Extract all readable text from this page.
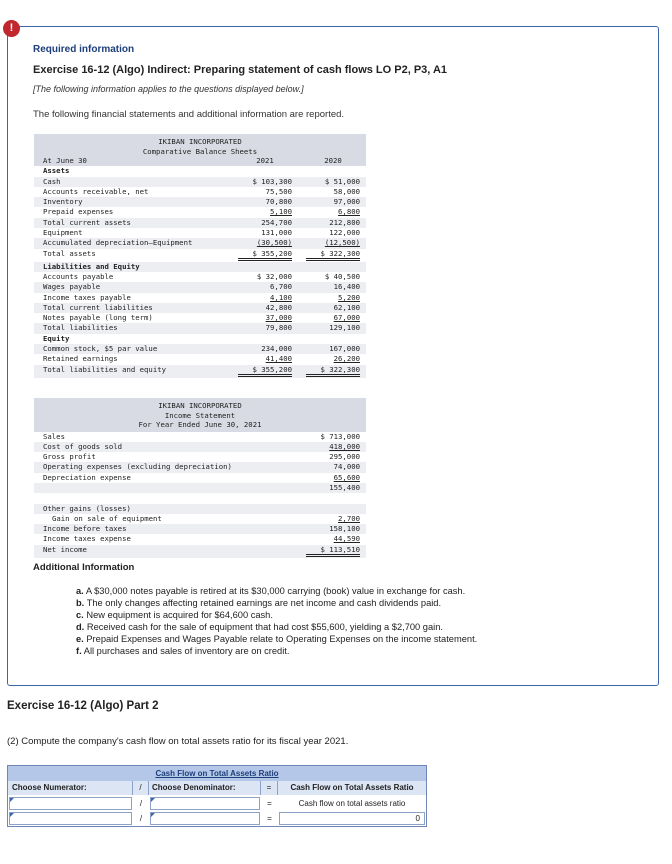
!
Required information
Exercise 16-12 (Algo) Indirect: Preparing statement of cash flows LO P2, P3, A1
[The following information applies to the questions displayed below.]
The following financial statements and additional information are reported.
IKIBAN INCORPORATED
Comparative Balance Sheets
At June 30	2021	2020
Assets
Cash	$ 103,300	$ 51,000
Accounts receivable, net	75,500	58,000
Inventory	70,800	97,000
Prepaid expenses	5,100	6,800
Total current assets	254,700	212,800
Equipment	131,000	122,000
Accumulated depreciation—Equipment	(30,500)	(12,500)
Total assets	$ 355,200	$ 322,300
Liabilities and Equity
Accounts payable	$ 32,000	$ 40,500
Wages payable	6,700	16,400
Income taxes payable	4,100	5,200
Total current liabilities	42,800	62,100
Notes payable (long term)	37,000	67,000
Total liabilities	79,800	129,100
Equity
Common stock, $5 par value	234,000	167,000
Retained earnings	41,400	26,200
Total liabilities and equity	$ 355,200	$ 322,300
IKIBAN INCORPORATED
Income Statement
For Year Ended June 30, 2021
Sales	$ 713,000
Cost of goods sold	418,000
Gross profit	295,000
Operating expenses (excluding depreciation)	74,000
Depreciation expense	65,600
155,400
Other gains (losses)
Gain on sale of equipment	2,700
Income before taxes	158,100
Income taxes expense	44,590
Net income	$ 113,510
Additional Information
a. A $30,000 notes payable is retired at its $30,000 carrying (book) value in exchange for cash.
b. The only changes affecting retained earnings are net income and cash dividends paid.
c. New equipment is acquired for $64,600 cash.
d. Received cash for the sale of equipment that had cost $55,600, yielding a $2,700 gain.
e. Prepaid Expenses and Wages Payable relate to Operating Expenses on the income statement.
f. All purchases and sales of inventory are on credit.
Exercise 16-12 (Algo) Part 2
(2) Compute the company's cash flow on total assets ratio for its fiscal year 2021.
Cash Flow on Total Assets Ratio
Choose Numerator:	/	Choose Denominator:	=	Cash Flow on Total Assets Ratio
/	=	Cash flow on total assets ratio
/	=	0
